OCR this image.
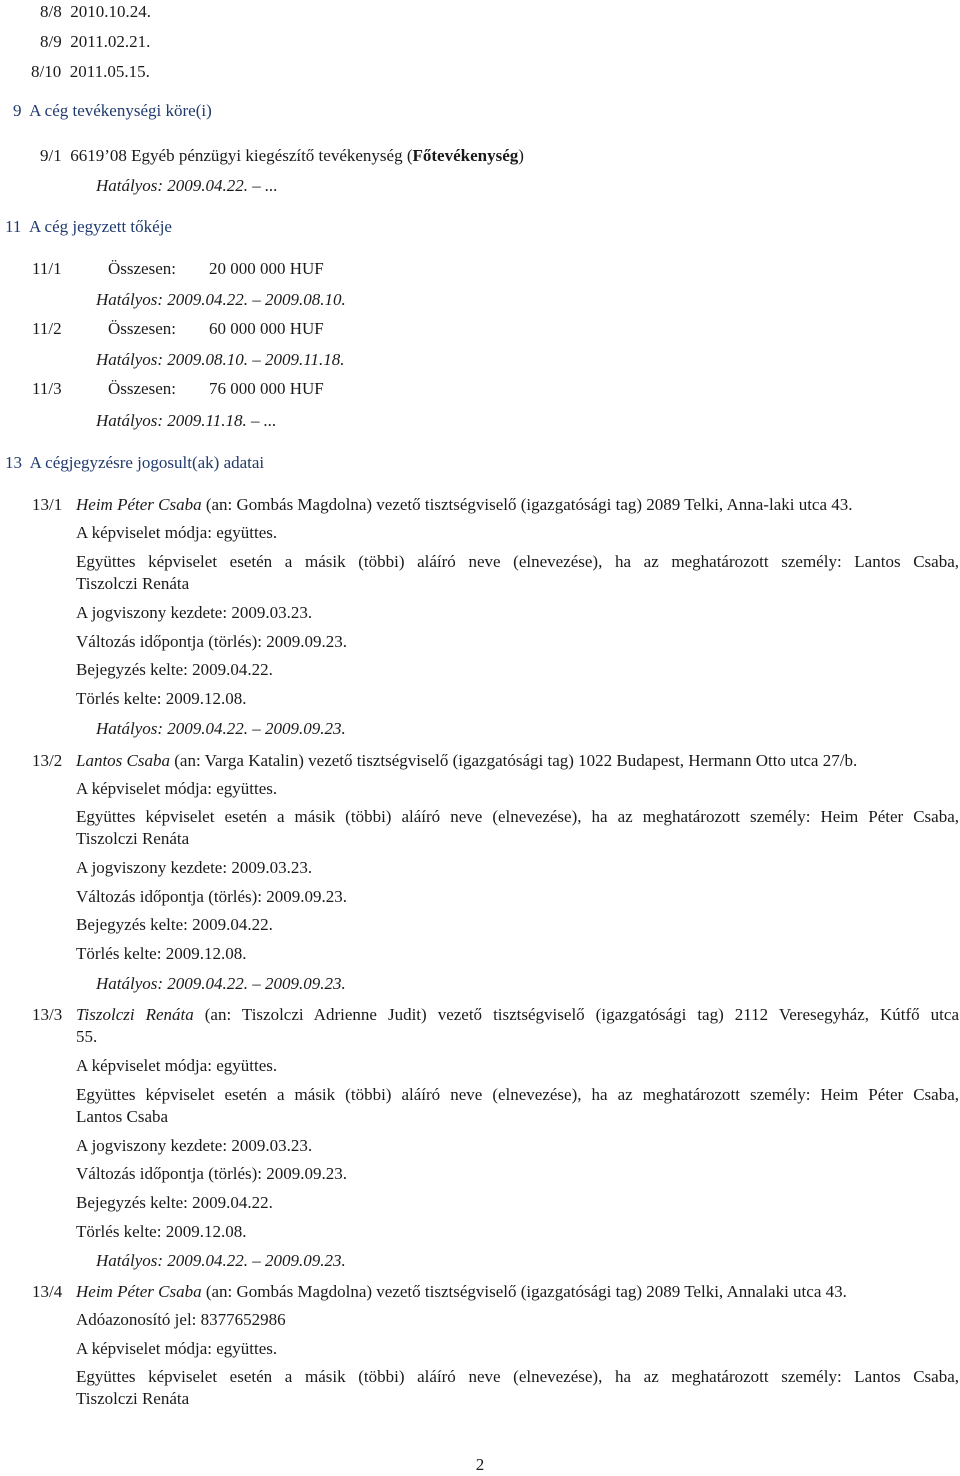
8/8 2010.10.24.
8/9 2011.02.21.
8/10 2011.05.15.
9 A cég tevékenységi köre(i)
9/1 6619’08 Egyéb pénzügyi kiegészítő tevékenység (Főtevékenység)
Hatályos: 2009.04.22. – ...
11 A cég jegyzett tőkéje
11/1	Összesen: 20 000 000 HUF
Hatályos: 2009.04.22. – 2009.08.10.
11/2	Összesen: 60 000 000 HUF
Hatályos: 2009.08.10. – 2009.11.18.
11/3	Összesen: 76 000 000 HUF
Hatályos: 2009.11.18. – ...
13 A cégjegyzésre jogosult(ak) adatai
13/1 Heim Péter Csaba (an: Gombás Magdolna) vezető tisztségviselő (igazgatósági tag) 2089 Telki, Anna-laki utca 43.
A képviselet módja: együttes.
Együttes képviselet esetén a másik (többi) aláíró neve (elnevezése), ha az meghatározott személy: Lantos Csaba,
Tiszolczi Renáta
A jogviszony kezdete: 2009.03.23.
Változás időpontja (törlés): 2009.09.23.
Bejegyzés kelte: 2009.04.22.
Törlés kelte: 2009.12.08.
Hatályos: 2009.04.22. – 2009.09.23.
13/2 Lantos Csaba (an: Varga Katalin) vezető tisztségviselő (igazgatósági tag) 1022 Budapest, Hermann Otto utca 27/b.
A képviselet módja: együttes.
Együttes képviselet esetén a másik (többi) aláíró neve (elnevezése), ha az meghatározott személy: Heim Péter Csaba,
Tiszolczi Renáta
A jogviszony kezdete: 2009.03.23.
Változás időpontja (törlés): 2009.09.23.
Bejegyzés kelte: 2009.04.22.
Törlés kelte: 2009.12.08.
Hatályos: 2009.04.22. – 2009.09.23.
13/3 Tiszolczi Renáta (an: Tiszolczi Adrienne Judit) vezető tisztségviselő (igazgatósági tag) 2112 Veresegyház, Kútfő utca
55.
A képviselet módja: együttes.
Együttes képviselet esetén a másik (többi) aláíró neve (elnevezése), ha az meghatározott személy: Heim Péter Csaba,
Lantos Csaba
A jogviszony kezdete: 2009.03.23.
Változás időpontja (törlés): 2009.09.23.
Bejegyzés kelte: 2009.04.22.
Törlés kelte: 2009.12.08.
Hatályos: 2009.04.22. – 2009.09.23.
13/4 Heim Péter Csaba (an: Gombás Magdolna) vezető tisztségviselő (igazgatósági tag) 2089 Telki, Annalaki utca 43.
Adóazonosító jel: 8377652986
A képviselet módja: együttes.
Együttes képviselet esetén a másik (többi) aláíró neve (elnevezése), ha az meghatározott személy: Lantos Csaba,
Tiszolczi Renáta
2
